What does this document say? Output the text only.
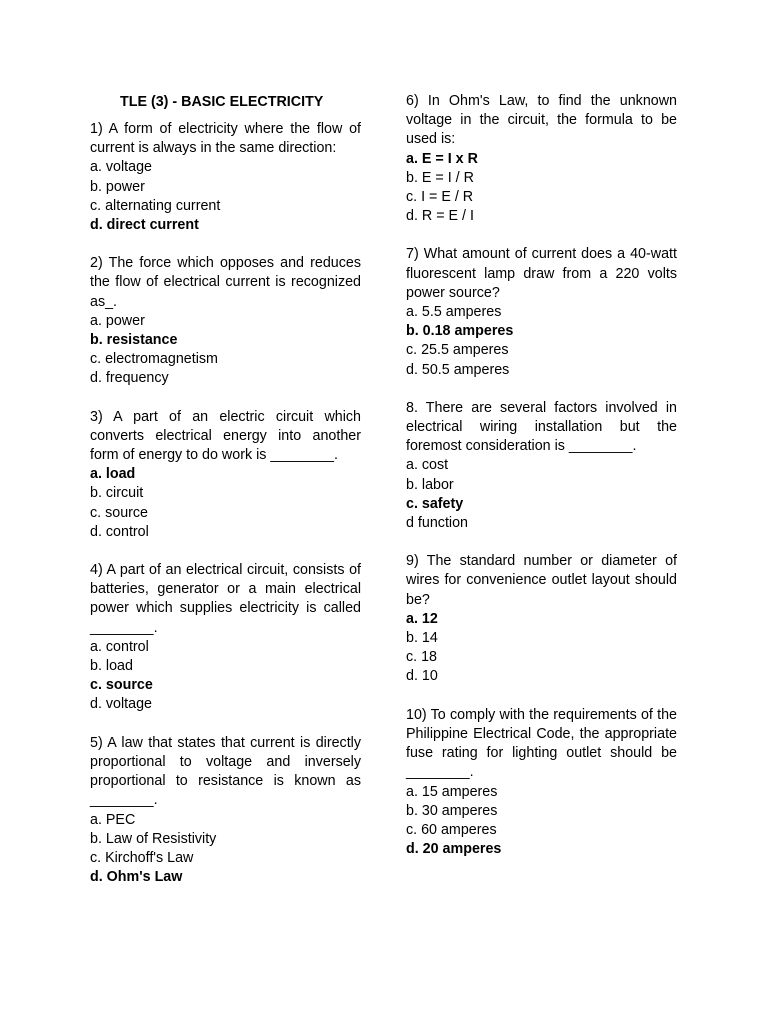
TLE (3) - BASIC ELECTRICITY

1) A form of electricity where the flow of current is always in the same direction:

a. voltage

b. power

c. alternating current

d. direct current

2) The force which opposes and reduces the flow of electrical current is recognized as_.

a. power

b. resistance

c. electromagnetism

d. frequency

3) A part of an electric circuit which converts electrical energy into another form of energy to do work is ________.

a. load

b. circuit

c. source

d. control

4) A part of an electrical circuit, consists of batteries, generator or a main electrical power which supplies electricity is called ________.

a. control

b. load

c. source

d. voltage

5) A law that states that current is directly proportional to voltage and inversely proportional to resistance is known as ________.

a. PEC

b. Law of Resistivity

c. Kirchoff's Law

d. Ohm's Law

6) In Ohm's Law, to find the unknown voltage in the circuit, the formula to be used is:

a. E = I x R

b. E = I / R

c. I = E / R

d. R = E / I

7) What amount of current does a 40-watt fluorescent lamp draw from a 220 volts power source?

a. 5.5 amperes

b. 0.18 amperes

c. 25.5 amperes

d. 50.5 amperes

8. There are several factors involved in electrical wiring installation but the foremost consideration is ________.

a. cost

b. labor

c. safety

d function

9) The standard number or diameter of wires for convenience outlet layout should be?

a. 12

b. 14

c. 18

d. 10

10) To comply with the requirements of the Philippine Electrical Code, the appropriate fuse rating for lighting outlet should be ________.

a. 15 amperes

b. 30 amperes

c. 60 amperes

d. 20 amperes
